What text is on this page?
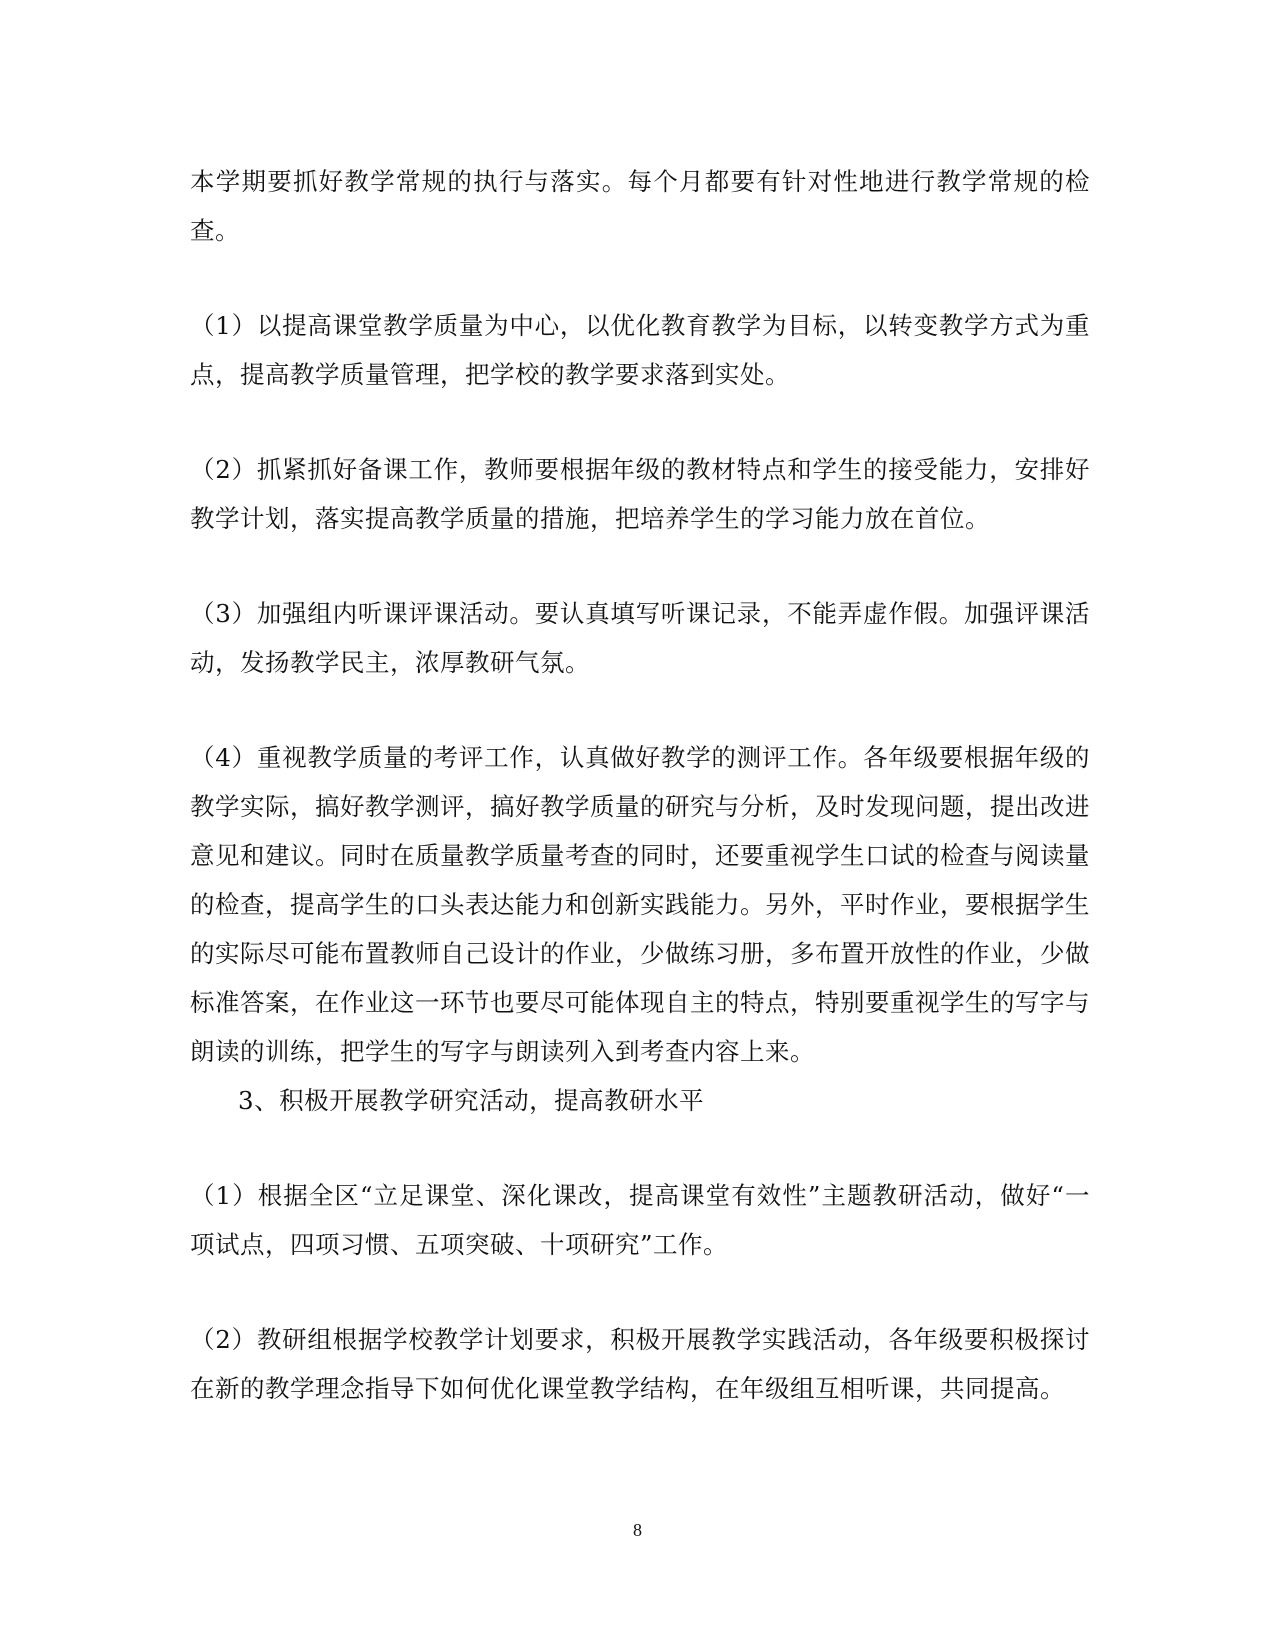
本学期要抓好教学常规的执行与落实。每个月都要有针对性地进行教学常规的检查。

（1）以提高课堂教学质量为中心，以优化教育教学为目标，以转变教学方式为重点，提高教学质量管理，把学校的教学要求落到实处。

（2）抓紧抓好备课工作，教师要根据年级的教材特点和学生的接受能力，安排好教学计划，落实提高教学质量的措施，把培养学生的学习能力放在首位。

（3）加强组内听课评课活动。要认真填写听课记录，不能弄虚作假。加强评课活动，发扬教学民主，浓厚教研气氛。

（4）重视教学质量的考评工作，认真做好教学的测评工作。各年级要根据年级的教学实际，搞好教学测评，搞好教学质量的研究与分析，及时发现问题，提出改进意见和建议。同时在质量教学质量考查的同时，还要重视学生口试的检查与阅读量的检查，提高学生的口头表达能力和创新实践能力。另外，平时作业，要根据学生的实际尽可能布置教师自己设计的作业，少做练习册，多布置开放性的作业，少做标准答案，在作业这一环节也要尽可能体现自主的特点，特别要重视学生的写字与朗读的训练，把学生的写字与朗读列入到考查内容上来。

3、积极开展教学研究活动，提高教研水平

（1）根据全区“立足课堂、深化课改，提高课堂有效性”主题教研活动，做好“一项试点，四项习惯、五项突破、十项研究”工作。

（2）教研组根据学校教学计划要求，积极开展教学实践活动，各年级要积极探讨在新的教学理念指导下如何优化课堂教学结构，在年级组互相听课，共同提高。

8
